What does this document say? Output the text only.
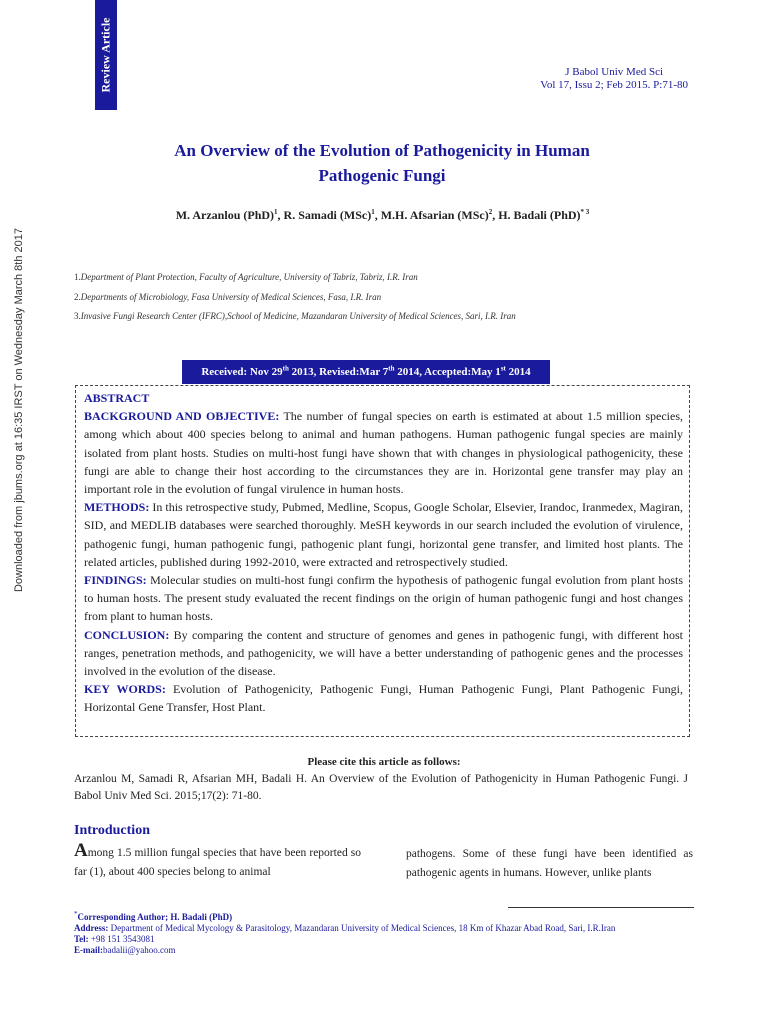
Review Article
Downloaded from jbums.org at 16:35 IRST on Wednesday March 8th 2017
J Babol Univ Med Sci
Vol 17, Issu 2; Feb 2015. P:71-80
An Overview of the Evolution of Pathogenicity in Human
Pathogenic Fungi
M. Arzanlou (PhD)$^1$, R. Samadi (MSc)$^1$, M.H. Afsarian (MSc)$^2$, H. Badali (PhD)$^{* 3}$
1.Department of Plant Protection, Faculty of Agriculture, University of Tabriz, Tabriz, I.R. Iran
2.Departments of Microbiology, Fasa University of Medical Sciences, Fasa, I.R. Iran
3.Invasive Fungi Research Center (IFRC),School of Medicine, Mazandaran University of Medical Sciences, Sari, I.R. Iran
Received: Nov 29th 2013, Revised:Mar 7th 2014, Accepted:May 1st 2014
ABSTRACT

BACKGROUND AND OBJECTIVE: The number of fungal species on earth is estimated at about 1.5 million species, among which about 400 species belong to animal and human pathogens. Human pathogenic fungal species are mainly isolated from plant hosts. Studies on multi-host fungi have shown that with changes in physiological pathogenicity, these fungi are able to change their host according to the circumstances they are in. Horizontal gene transfer may play an important role in the evolution of fungal virulence in human hosts.

METHODS: In this retrospective study, Pubmed, Medline, Scopus, Google Scholar, Elsevier, Irandoc, Iranmedex, Magiran, SID, and MEDLIB databases were searched thoroughly. MeSH keywords in our search included the evolution of virulence, pathogenic fungi, human pathogenic fungi, pathogenic plant fungi, horizontal gene transfer, and limited host plants. The related articles, published during 1992-2010, were extracted and retrospectively studied.

FINDINGS: Molecular studies on multi-host fungi confirm the hypothesis of pathogenic fungal evolution from plant hosts to human hosts. The present study evaluated the recent findings on the origin of human pathogenic fungi and host changes from plant to human hosts.

CONCLUSION: By comparing the content and structure of genomes and genes in pathogenic fungi, with different host ranges, penetration methods, and pathogenicity, we will have a better understanding of pathogenic genes and the processes involved in the evolution of the disease.

KEY WORDS: Evolution of Pathogenicity, Pathogenic Fungi, Human Pathogenic Fungi, Plant Pathogenic Fungi, Horizontal Gene Transfer, Host Plant.

Please cite this article as follows:
Arzanlou M, Samadi R, Afsarian MH, Badali H. An Overview of the Evolution of Pathogenicity in Human Pathogenic Fungi. J Babol Univ Med Sci. 2015;17(2): 71-80.
Introduction
Among 1.5 million fungal species that have been reported so far (1), about 400 species belong to animal
pathogens. Some of these fungi have been identified as pathogenic agents in humans. However, unlike plants
*Corresponding Author; H. Badali (PhD)
Address: Department of Medical Mycology & Parasitology, Mazandaran University of Medical Sciences, 18 Km of Khazar Abad Road, Sari, I.R.Iran
Tel: +98 151 3543081
E-mail:badalii@yahoo.com
